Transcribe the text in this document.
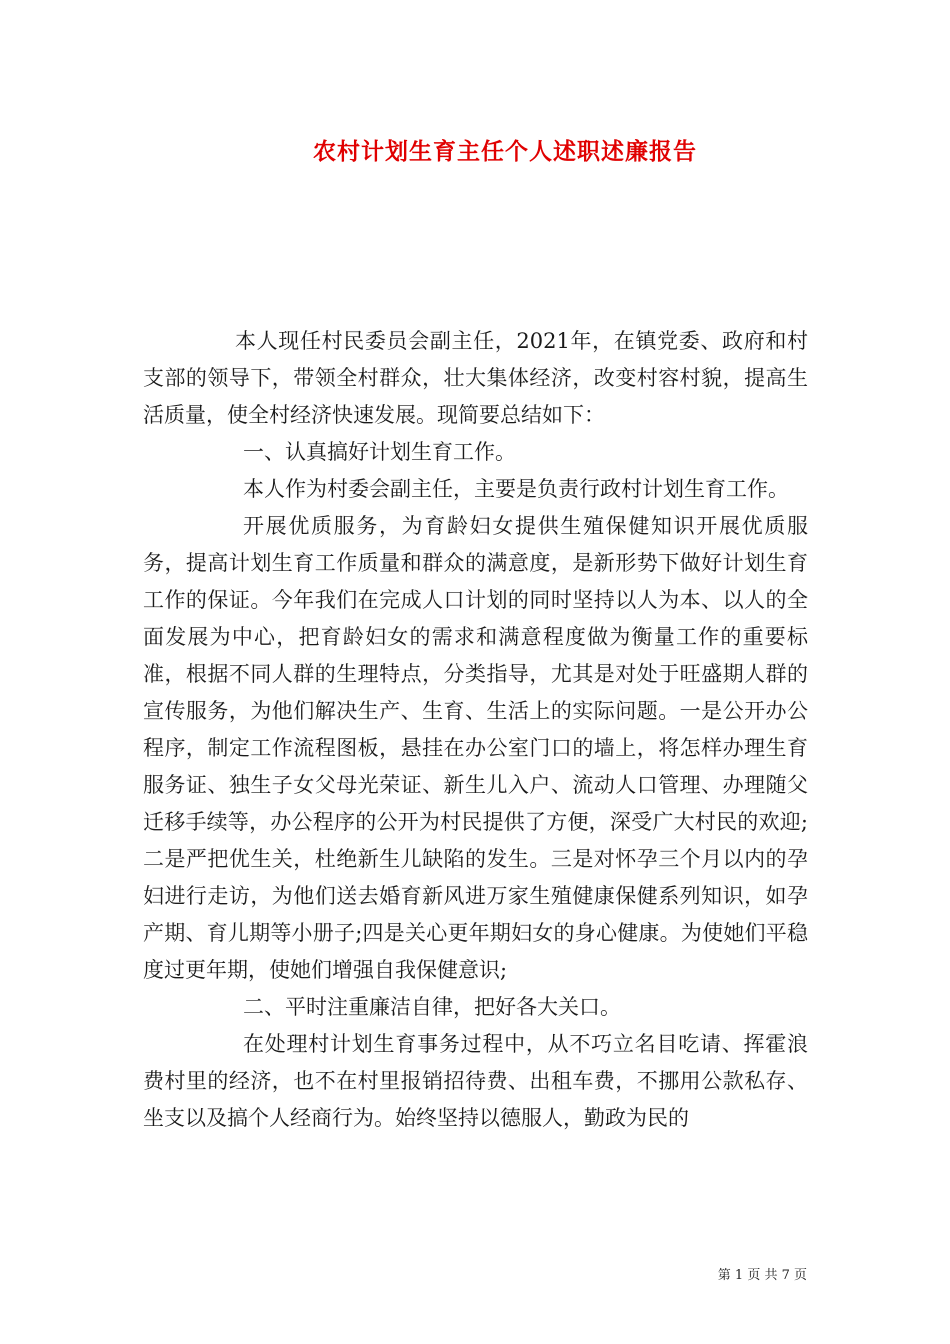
农村计划生育主任个人述职述廉报告

本人现任村民委员会副主任，2021年，在镇党委、政府和村支部的领导下，带领全村群众，壮大集体经济，改变村容村貌，提高生活质量，使全村经济快速发展。现简要总结如下：

一、认真搞好计划生育工作。

本人作为村委会副主任，主要是负责行政村计划生育工作。

开展优质服务，为育龄妇女提供生殖保健知识开展优质服务，提高计划生育工作质量和群众的满意度，是新形势下做好计划生育工作的保证。今年我们在完成人口计划的同时坚持以人为本、以人的全面发展为中心，把育龄妇女的需求和满意程度做为衡量工作的重要标准，根据不同人群的生理特点，分类指导，尤其是对处于旺盛期人群的宣传服务，为他们解决生产、生育、生活上的实际问题。一是公开办公程序，制定工作流程图板，悬挂在办公室门口的墙上，将怎样办理生育服务证、独生子女父母光荣证、新生儿入户、流动人口管理、办理随父迁移手续等，办公程序的公开为村民提供了方便，深受广大村民的欢迎;二是严把优生关，杜绝新生儿缺陷的发生。三是对怀孕三个月以内的孕妇进行走访，为他们送去婚育新风进万家生殖健康保健系列知识，如孕产期、育儿期等小册子;四是关心更年期妇女的身心健康。为使她们平稳度过更年期，使她们增强自我保健意识;

二、平时注重廉洁自律，把好各大关口。

在处理村计划生育事务过程中，从不巧立名目吃请、挥霍浪费村里的经济，也不在村里报销招待费、出租车费，不挪用公款私存、坐支以及搞个人经商行为。始终坚持以德服人，勤政为民的

第 1 页 共 7 页
